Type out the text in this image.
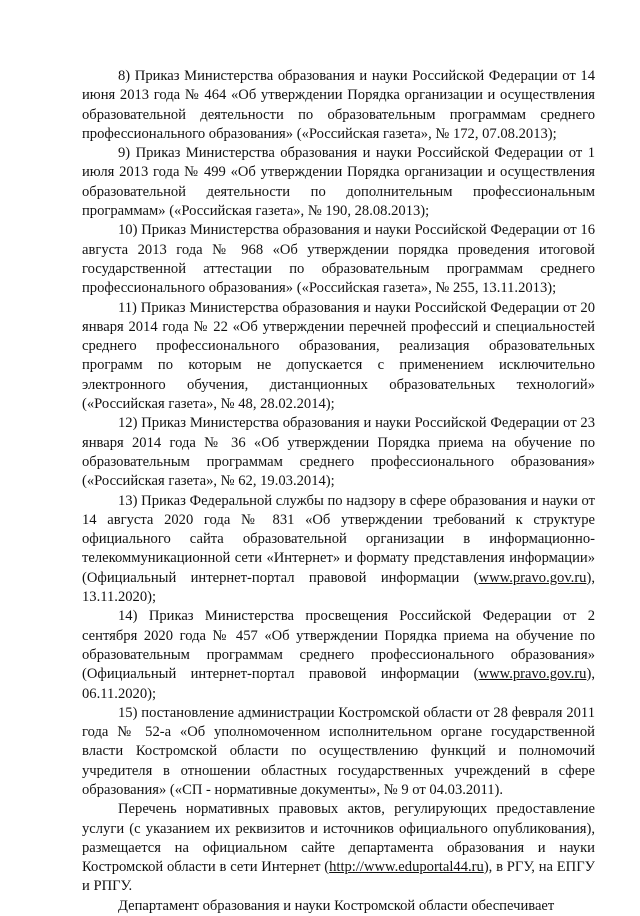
8) Приказ Министерства образования и науки Российской Федерации от 14 июня 2013 года № 464 «Об утверждении Порядка организации и осуществления образовательной деятельности по образовательным программам среднего профессионального образования» («Российская газета», № 172, 07.08.2013);

9) Приказ Министерства образования и науки Российской Федерации от 1 июля 2013 года № 499 «Об утверждении Порядка организации и осуществления образовательной деятельности по дополнительным профессиональным программам» («Российская газета», № 190, 28.08.2013);

10) Приказ Министерства образования и науки Российской Федерации от 16 августа 2013 года № 968 «Об утверждении порядка проведения итоговой государственной аттестации по образовательным программам среднего профессионального образования» («Российская газета», № 255, 13.11.2013);

11) Приказ Министерства образования и науки Российской Федерации от 20 января 2014 года № 22 «Об утверждении перечней профессий и специальностей среднего профессионального образования, реализация образовательных программ по которым не допускается с применением исключительно электронного обучения, дистанционных образовательных технологий» («Российская газета», № 48, 28.02.2014);

12) Приказ Министерства образования и науки Российской Федерации от 23 января 2014 года № 36 «Об утверждении Порядка приема на обучение по образовательным программам среднего профессионального образования» («Российская газета», № 62, 19.03.2014);

13) Приказ Федеральной службы по надзору в сфере образования и науки от 14 августа 2020 года № 831 «Об утверждении требований к структуре официального сайта образовательной организации в информационно-телекоммуникационной сети «Интернет» и формату представления информации» (Официальный интернет-портал правовой информации (www.pravo.gov.ru), 13.11.2020);

14) Приказ Министерства просвещения Российской Федерации от 2 сентября 2020 года № 457 «Об утверждении Порядка приема на обучение по образовательным программам среднего профессионального образования» (Официальный интернет-портал правовой информации (www.pravo.gov.ru), 06.11.2020);

15) постановление администрации Костромской области от 28 февраля 2011 года № 52-а «Об уполномоченном исполнительном органе государственной власти Костромской области по осуществлению функций и полномочий учредителя в отношении областных государственных учреждений в сфере образования» («СП - нормативные документы», № 9 от 04.03.2011).

Перечень нормативных правовых актов, регулирующих предоставление услуги (с указанием их реквизитов и источников официального опубликования), размещается на официальном сайте департамента образования и науки Костромской области в сети Интернет (http://www.eduportal44.ru), в РГУ, на ЕПГУ и РПГУ.

Департамент образования и науки Костромской области обеспечивает
